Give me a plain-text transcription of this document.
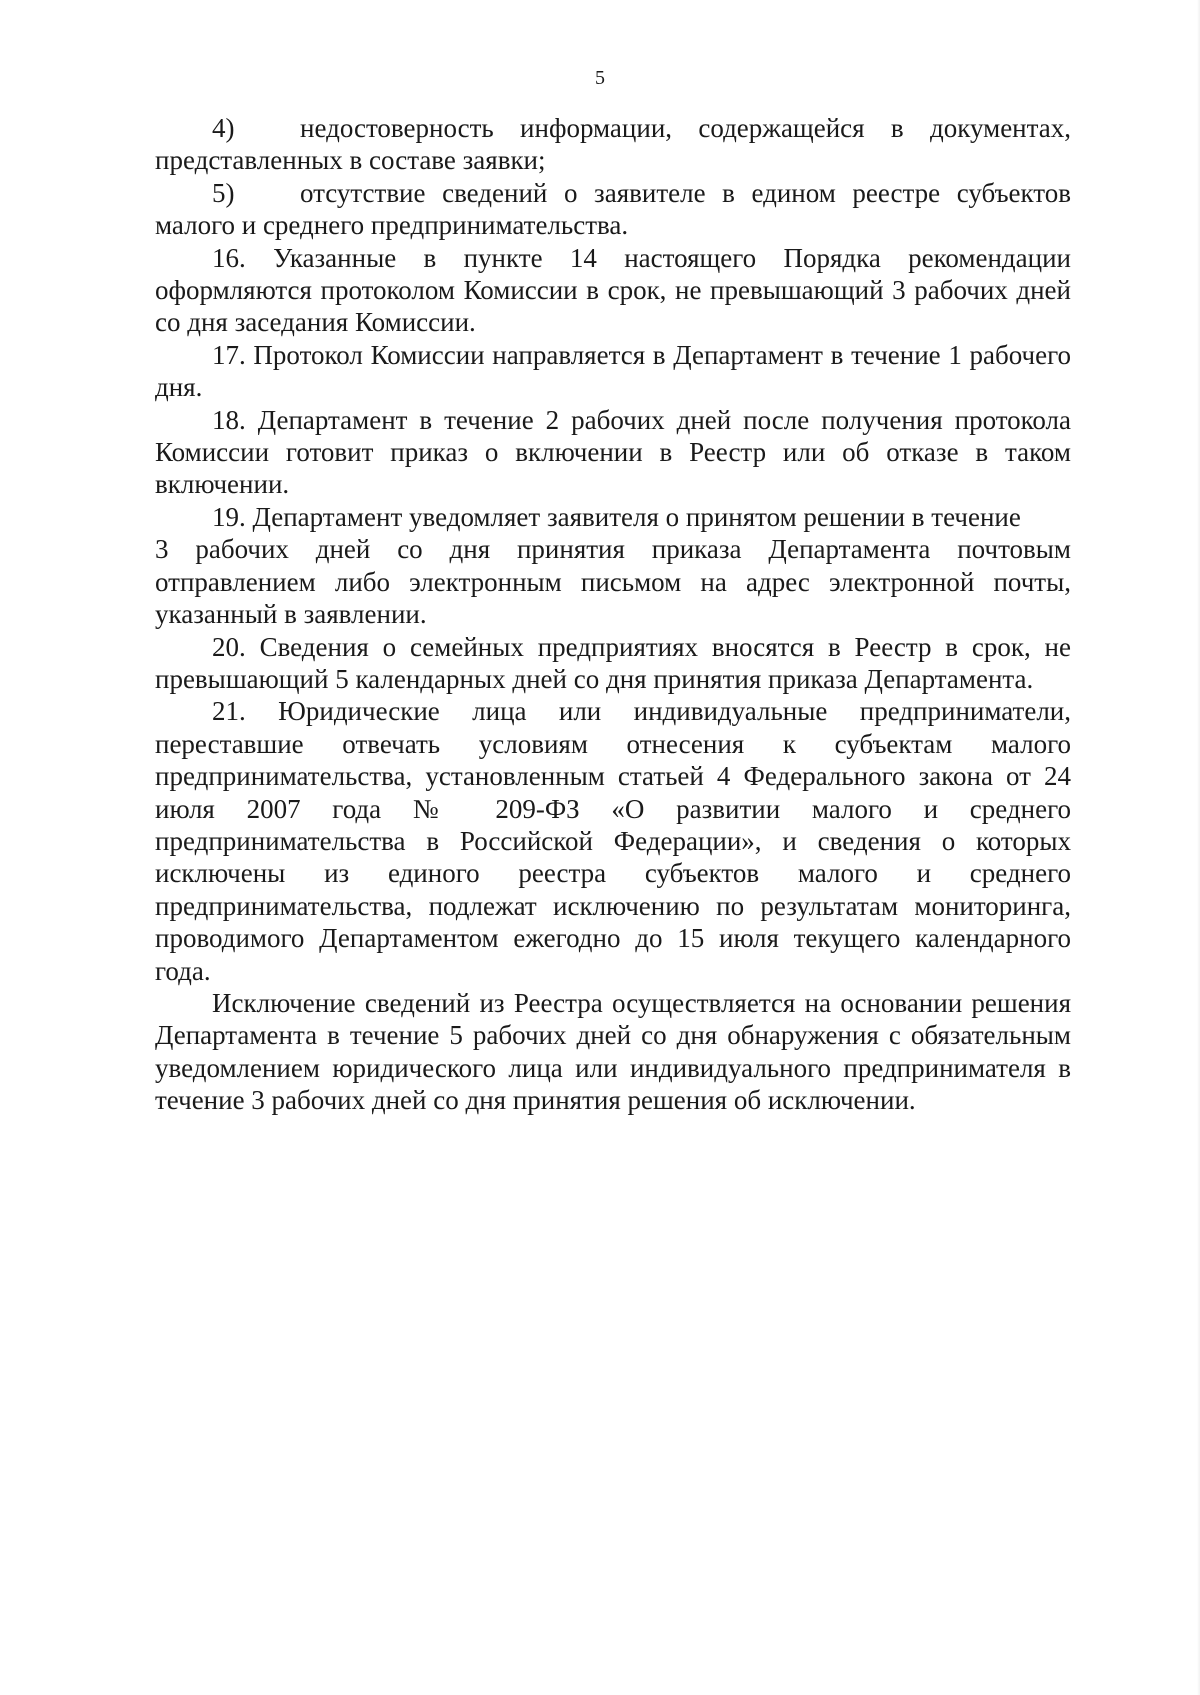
5

4) недостоверность информации, содержащейся в документах, представленных в составе заявки;

5) отсутствие сведений о заявителе в едином реестре субъектов малого и среднего предпринимательства.

16. Указанные в пункте 14 настоящего Порядка рекомендации оформляются протоколом Комиссии в срок, не превышающий 3 рабочих дней со дня заседания Комиссии.

17. Протокол Комиссии направляется в Департамент в течение 1 рабочего дня.

18. Департамент в течение 2 рабочих дней после получения протокола Комиссии готовит приказ о включении в Реестр или об отказе в таком включении.

19. Департамент уведомляет заявителя о принятом решении в течение

3 рабочих дней со дня принятия приказа Департамента почтовым отправлением либо электронным письмом на адрес электронной почты, указанный в заявлении.

20. Сведения о семейных предприятиях вносятся в Реестр в срок, не превышающий 5 календарных дней со дня принятия приказа Департамента.

21. Юридические лица или индивидуальные предприниматели, переставшие отвечать условиям отнесения к субъектам малого предпринимательства, установленным статьей 4 Федерального закона от 24 июля 2007 года № 209-ФЗ «О развитии малого и среднего предпринимательства в Российской Федерации», и сведения о которых исключены из единого реестра субъектов малого и среднего предпринимательства, подлежат исключению по результатам мониторинга, проводимого Департаментом ежегодно до 15 июля текущего календарного года.

Исключение сведений из Реестра осуществляется на основании решения Департамента в течение 5 рабочих дней со дня обнаружения с обязательным уведомлением юридического лица или индивидуального предпринимателя в течение 3 рабочих дней со дня принятия решения об исключении.
